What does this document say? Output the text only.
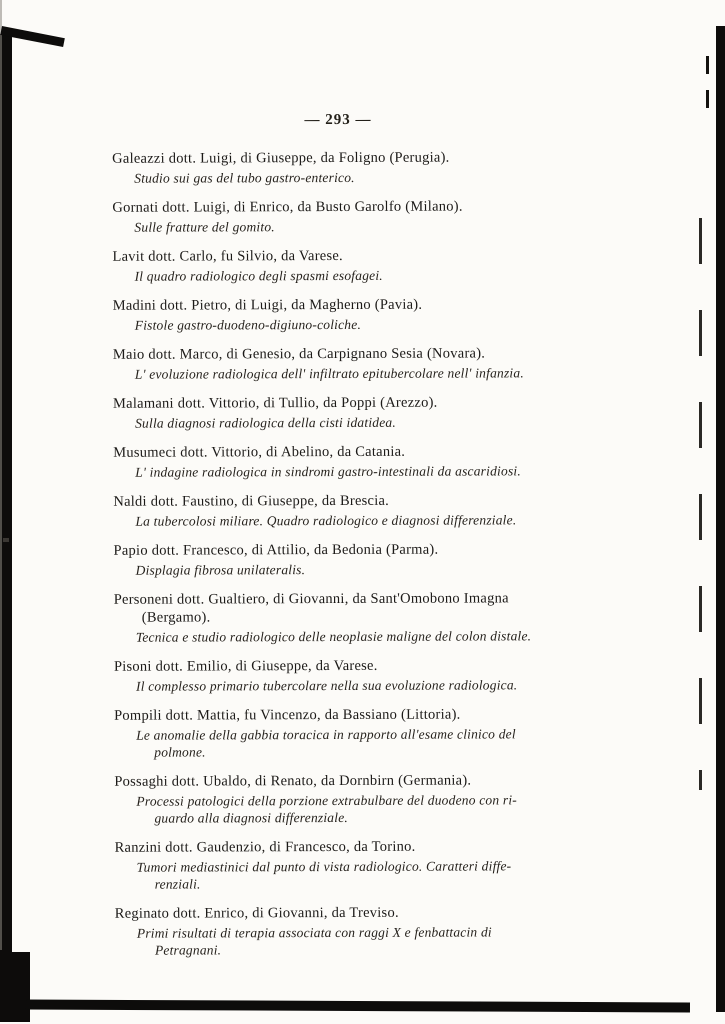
— 293 —
Galeazzi dott. Luigi, di Giuseppe, da Foligno (Perugia).
Studio sui gas del tubo gastro-enterico.
Gornati dott. Luigi, di Enrico, da Busto Garolfo (Milano).
Sulle fratture del gomito.
Lavit dott. Carlo, fu Silvio, da Varese.
Il quadro radiologico degli spasmi esofagei.
Madini dott. Pietro, di Luigi, da Magherno (Pavia).
Fistole gastro-duodeno-digiuno-coliche.
Maio dott. Marco, di Genesio, da Carpignano Sesia (Novara).
L' evoluzione radiologica dell' infiltrato epitubercolare nell' infanzia.
Malamani dott. Vittorio, di Tullio, da Poppi (Arezzo).
Sulla diagnosi radiologica della cisti idatidea.
Musumeci dott. Vittorio, di Abelino, da Catania.
L' indagine radiologica in sindromi gastro-intestinali da ascaridiosi.
Naldi dott. Faustino, di Giuseppe, da Brescia.
La tubercolosi miliare. Quadro radiologico e diagnosi differenziale.
Papio dott. Francesco, di Attilio, da Bedonia (Parma).
Displagia fibrosa unilateralis.
Personeni dott. Gualtiero, di Giovanni, da Sant'Omobono Imagna
(Bergamo).
Tecnica e studio radiologico delle neoplasie maligne del colon distale.
Pisoni dott. Emilio, di Giuseppe, da Varese.
Il complesso primario tubercolare nella sua evoluzione radiologica.
Pompili dott. Mattia, fu Vincenzo, da Bassiano (Littoria).
Le anomalie della gabbia toracica in rapporto all'esame clinico del
polmone.
Possaghi dott. Ubaldo, di Renato, da Dornbirn (Germania).
Processi patologici della porzione extrabulbare del duodeno con ri-
guardo alla diagnosi differenziale.
Ranzini dott. Gaudenzio, di Francesco, da Torino.
Tumori mediastinici dal punto di vista radiologico. Caratteri diffe-
renziali.
Reginato dott. Enrico, di Giovanni, da Treviso.
Primi risultati di terapia associata con raggi X e fenbattacin di
Petragnani.
